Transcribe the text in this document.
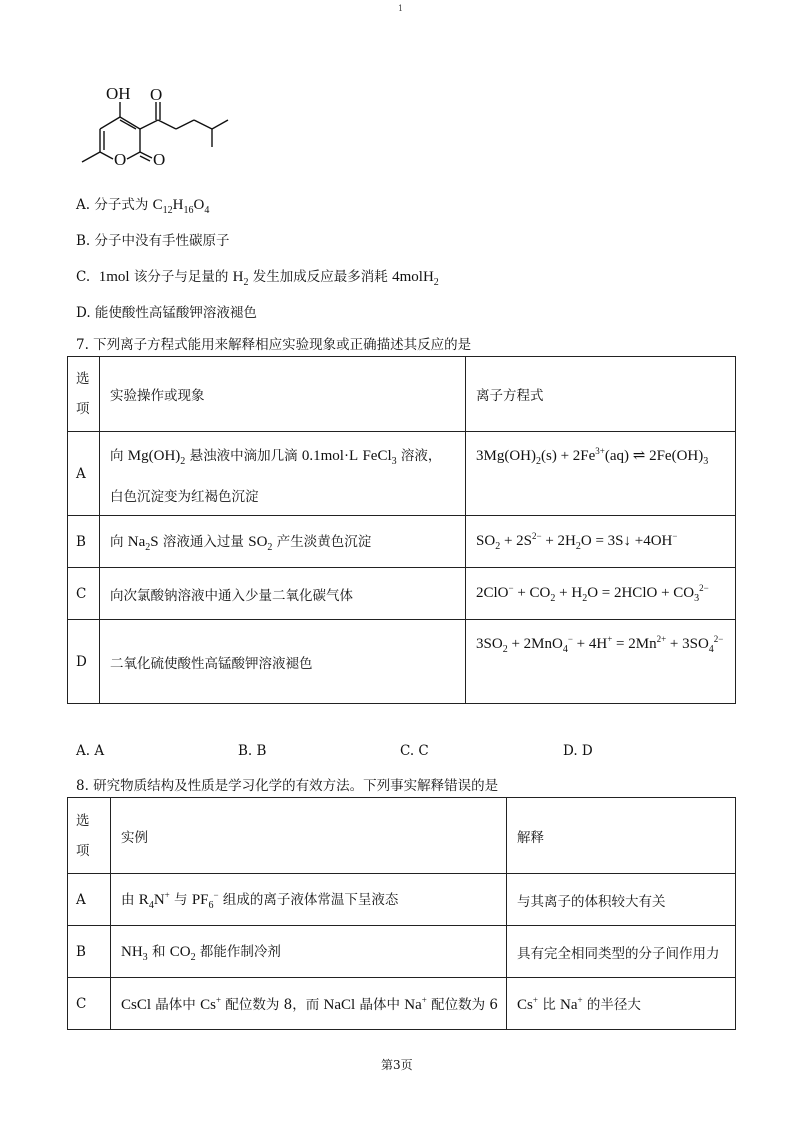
1
OH O
O O
A. 分子式为 $C_{12}H_{16}O_4$
B. 分子中没有手性碳原子
C.  1mol 该分子与足量的 $H_2$ 发生加成反应最多消耗 4molH$_2$
D. 能使酸性高锰酸钾溶液褪色
7. 下列离子方程式能用来解释相应实验现象或正确描述其反应的是
选
项	实验操作或现象	离子方程式
A	向 $Mg(OH)_2$ 悬浊液中滴加几滴 0.1mol·L FeCl$_3$ 溶液，
白色沉淀变为红褐色沉淀	$3Mg(OH)_2(s) + 2Fe^{3+}(aq)$ ⇌ $2Fe(OH)_3$
B	向 $Na_2S$ 溶液通入过量 $SO_2$ 产生淡黄色沉淀	$SO_2 + 2S^{2-} + 2H_2O$ = 3S↓ +4OH−
C	向次氯酸钠溶液中通入少量二氧化碳气体	$2ClO^- + CO_2 + H_2O$ = 2HClO + $CO_3^{2-}$
D	二氧化硫使酸性高锰酸钾溶液褪色	$3SO_2 + 2MnO_4^- + 4H^+ = 2Mn^{2+} + 3SO_4^{2-}$
A. A	B. B	C. C	D. D
8. 研究物质结构及性质是学习化学的有效方法。下列事实解释错误的是
选
项	实例	解释
A	由 $R_4N^+$ 与 $PF_6^-$ 组成的离子液体常温下呈液态	与其离子的体积较大有关
B	$NH_3$ 和 $CO_2$ 都能作制冷剂	具有完全相同类型的分子间作用力
C	CsCl 晶体中 Cs+ 配位数为 8，而 NaCl 晶体中 Na+ 配位数为 6	Cs+ 比 Na+ 的半径大
第3页
